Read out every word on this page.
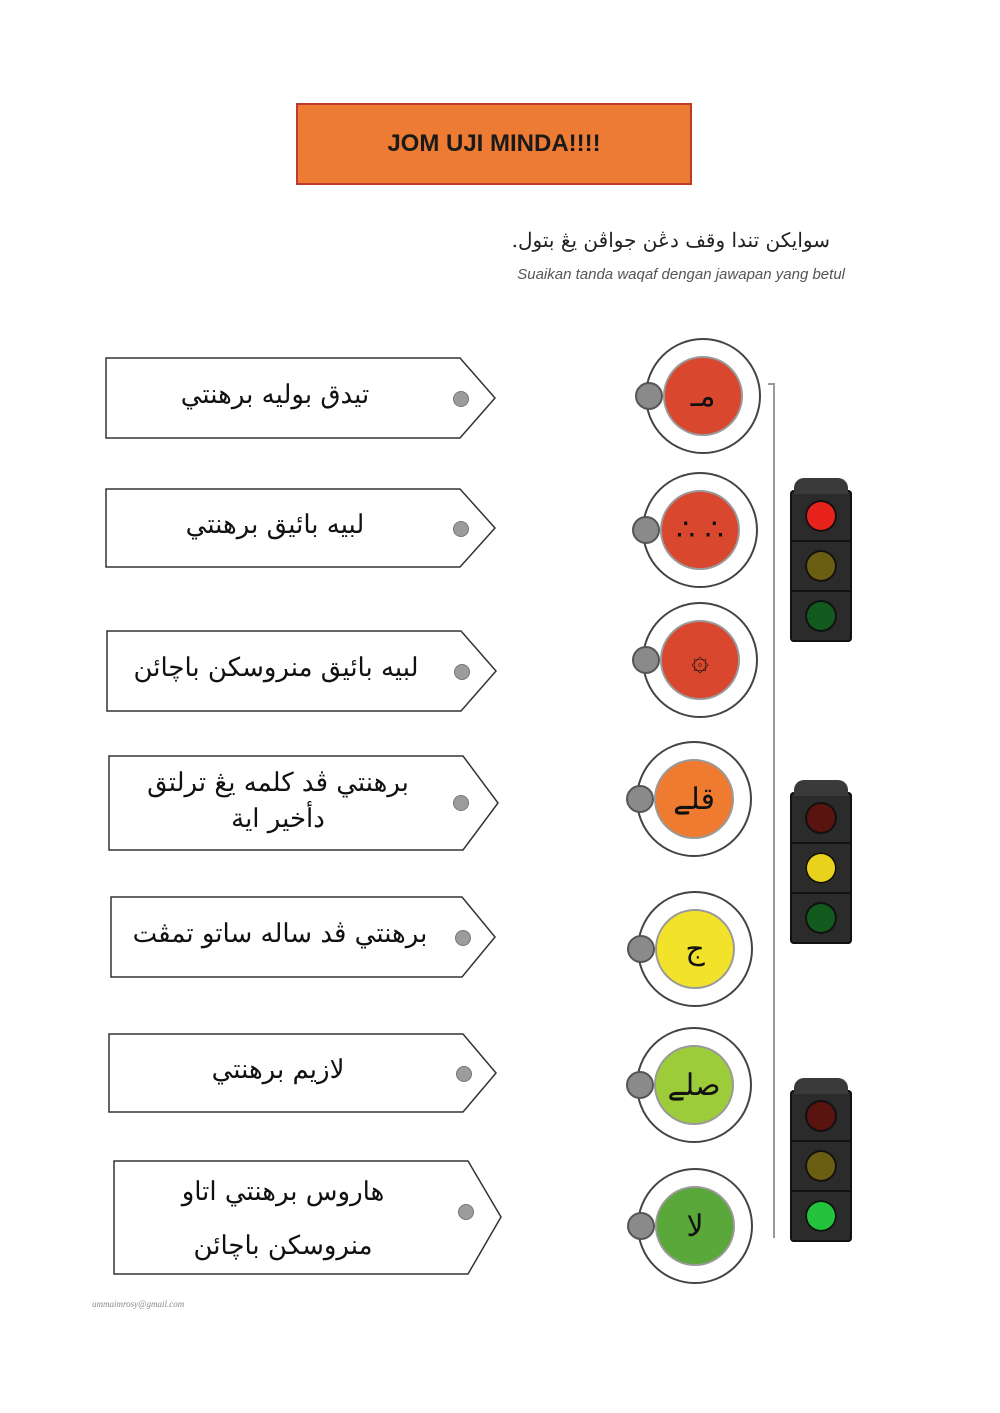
JOM UJI MINDA!!!!
سوايکن تندا وقف دڠن جواڤن يڠ بتول.
Suaikan tanda waqaf dengan jawapan yang betul
تيدق بوليه برهنتي
لبيه بائيق برهنتي
لبيه بائيق منروسکن باچائن
برهنتي ڤد کلمه يڠ ترلتق
دأخير اية
برهنتي ڤد ساله ساتو تمڤت
لازيم برهنتي
هاروس برهنتي اتاو
منروسکن باچائن
مـ
∴ ∴
۞
قلے
ج
صلے
لا
ummaimrosy@gmail.com
